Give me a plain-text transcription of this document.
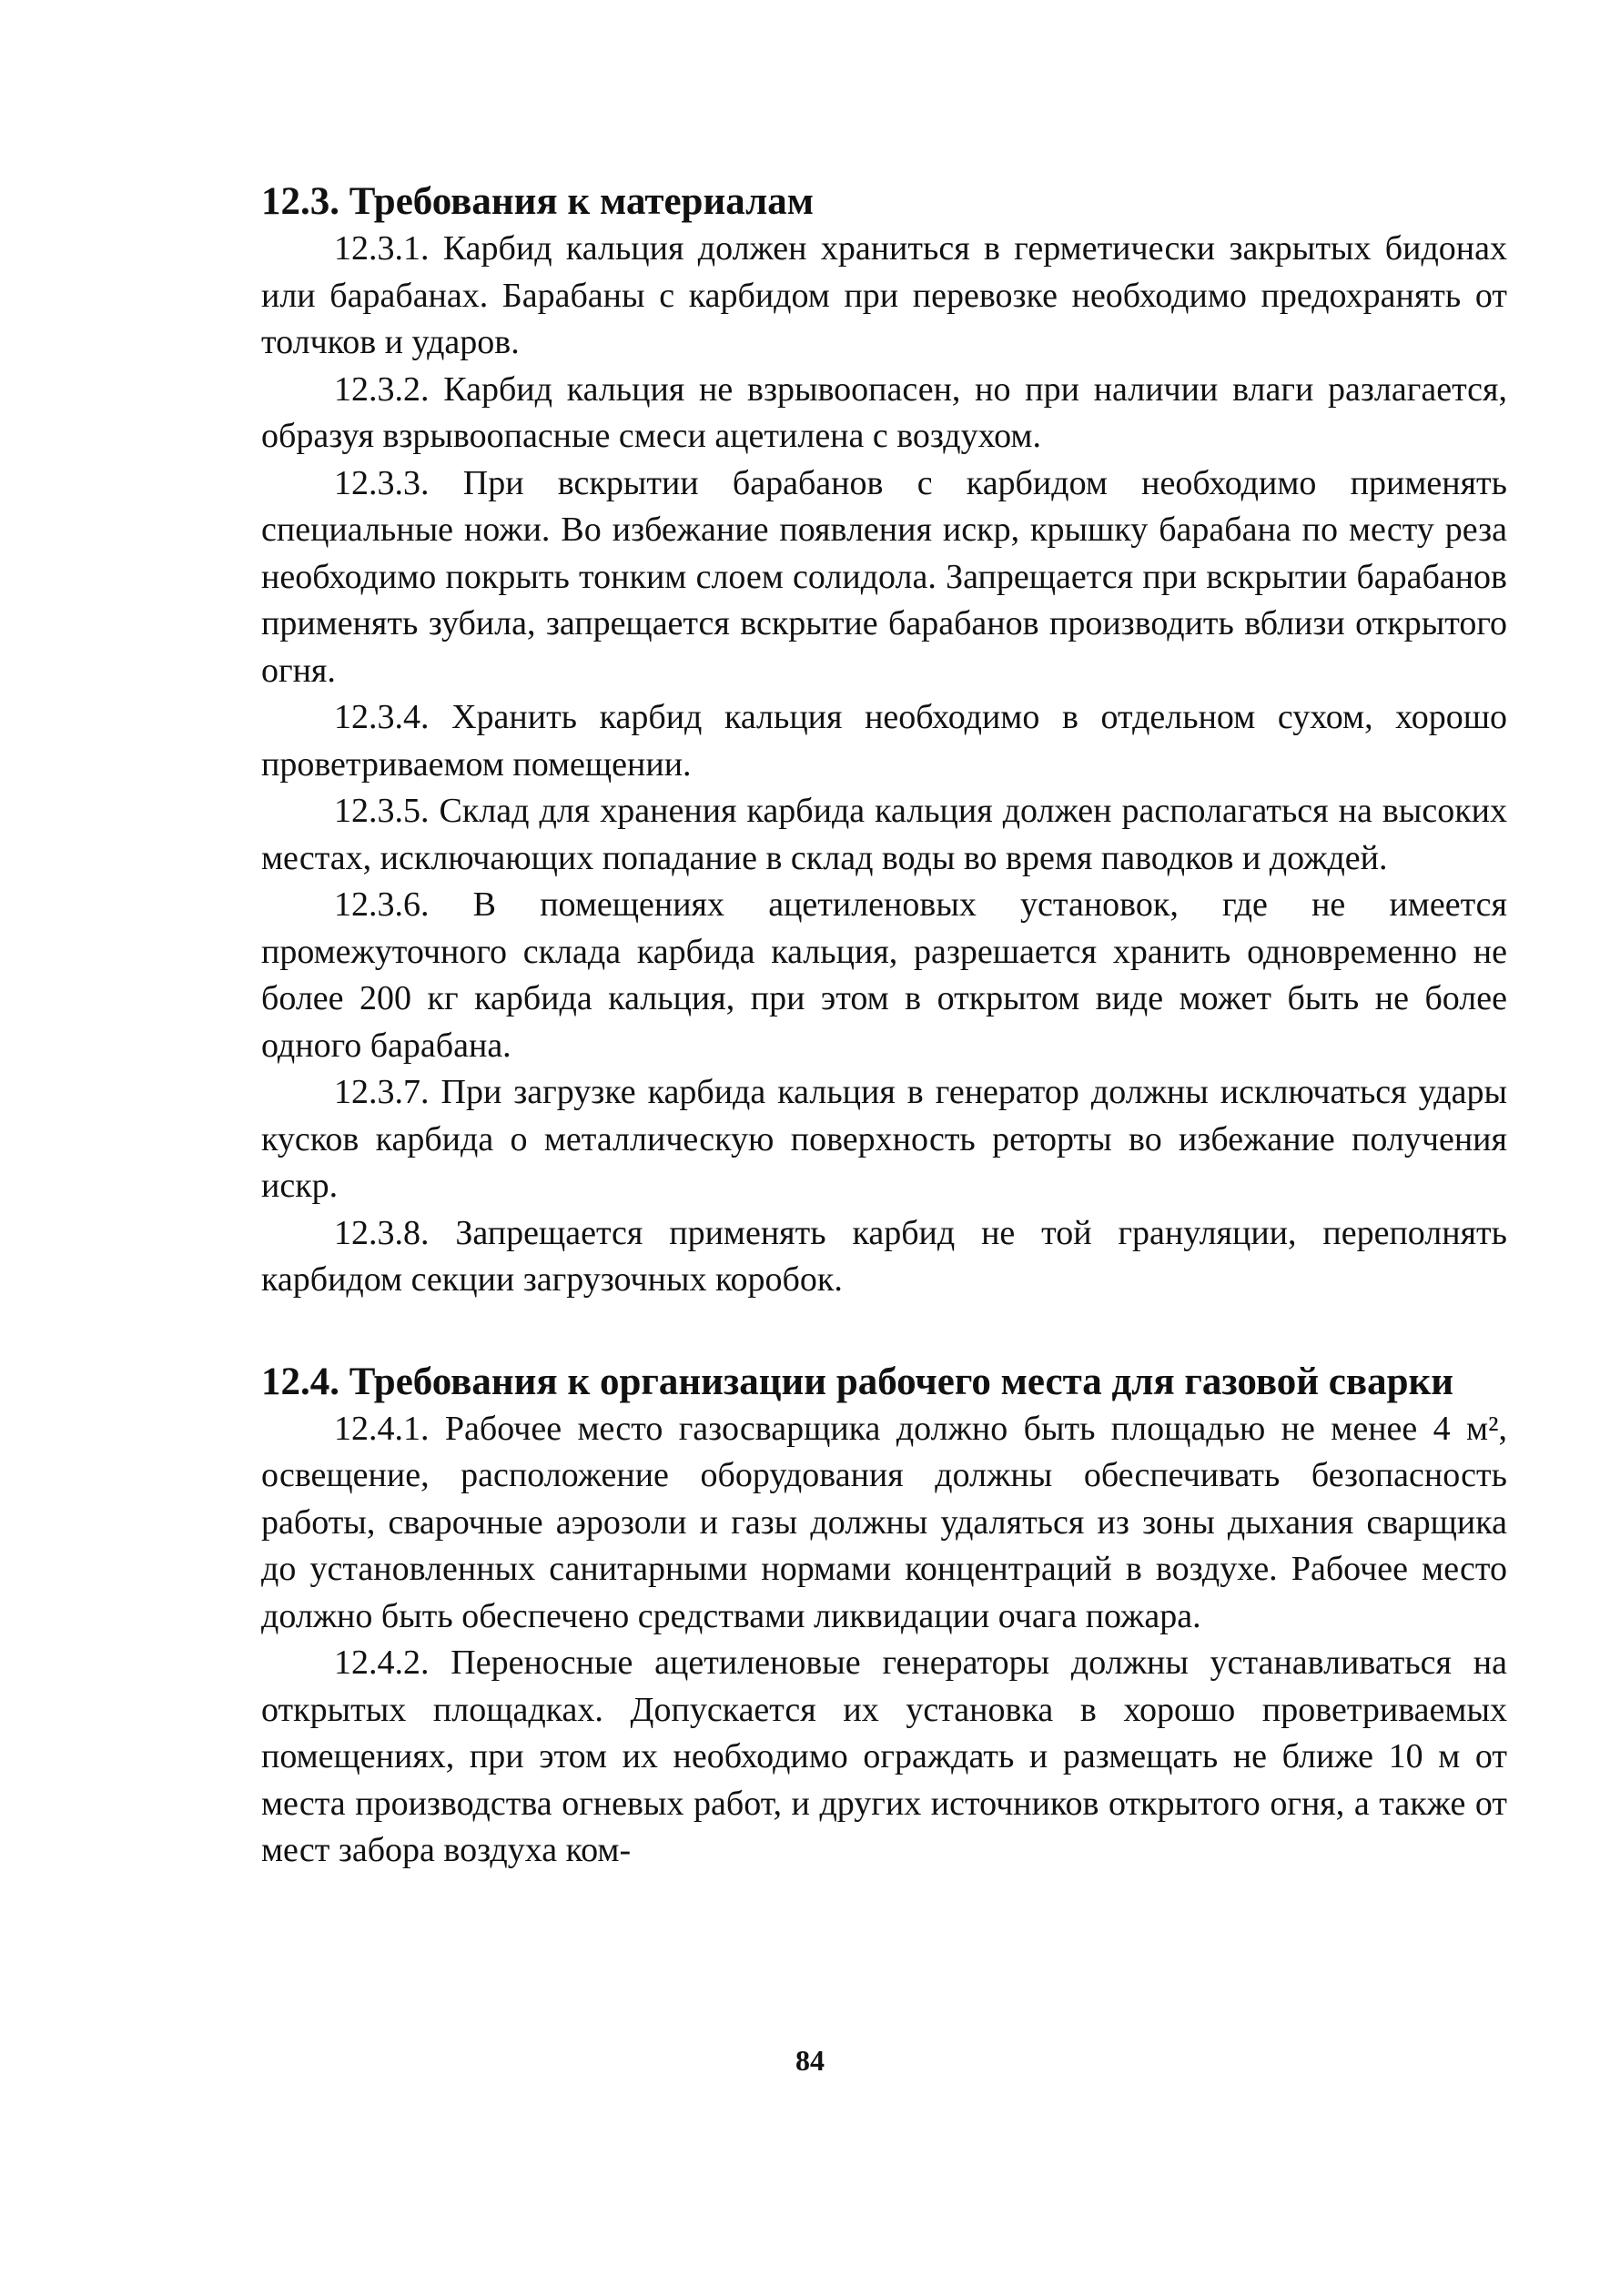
12.3. Требования к материалам

12.3.1. Карбид кальция должен храниться в герметически закрытых бидонах или барабанах. Барабаны с карбидом при перевозке необходимо предохранять от толчков и ударов.

12.3.2. Карбид кальция не взрывоопасен, но при наличии влаги разлагается, образуя взрывоопасные смеси ацетилена с воздухом.

12.3.3. При вскрытии барабанов с карбидом необходимо применять специальные ножи. Во избежание появления искр, крышку барабана по месту реза необходимо покрыть тонким слоем солидола. Запрещается при вскрытии барабанов применять зубила, запрещается вскрытие барабанов производить вблизи открытого огня.

12.3.4. Хранить карбид кальция необходимо в отдельном сухом, хорошо проветриваемом помещении.

12.3.5. Склад для хранения карбида кальция должен располагаться на высоких местах, исключающих попадание в склад воды во время паводков и дождей.

12.3.6. В помещениях ацетиленовых установок, где не имеется промежуточного склада карбида кальция, разрешается хранить одновременно не более 200 кг карбида кальция, при этом в открытом виде может быть не более одного барабана.

12.3.7. При загрузке карбида кальция в генератор должны исключаться удары кусков карбида о металлическую поверхность реторты во избежание получения искр.

12.3.8. Запрещается применять карбид не той грануляции, переполнять карбидом секции загрузочных коробок.

12.4. Требования к организации рабочего места для газовой сварки

12.4.1. Рабочее место газосварщика должно быть площадью не менее 4 м², освещение, расположение оборудования должны обеспечивать безопасность работы, сварочные аэрозоли и газы должны удаляться из зоны дыхания сварщика до установленных санитарными нормами концентраций в воздухе. Рабочее место должно быть обеспечено средствами ликвидации очага пожара.

12.4.2. Переносные ацетиленовые генераторы должны устанавливаться на открытых площадках. Допускается их установка в хорошо проветриваемых помещениях, при этом их необходимо ограждать и размещать не ближе 10 м от места производства огневых работ, и других источников открытого огня, а также от мест забора воздуха ком-

84
